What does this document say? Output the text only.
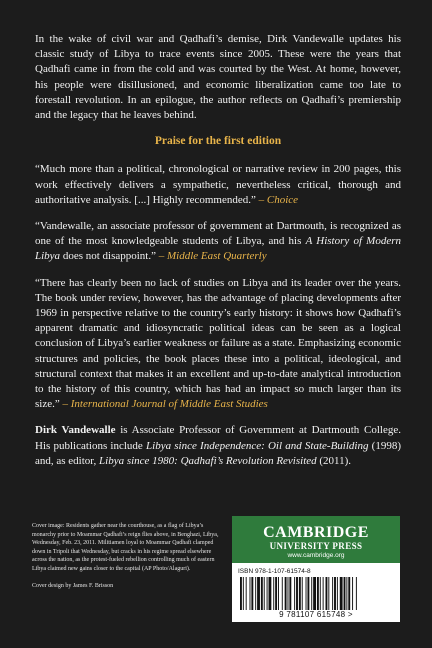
In the wake of civil war and Qadhafi’s demise, Dirk Vandewalle updates his classic study of Libya to trace events since 2005. These were the years that Qadhafi came in from the cold and was courted by the West. At home, however, his people were disillusioned, and economic liberalization came too late to forestall revolution. In an epilogue, the author reflects on Qadhafi’s premiership and the legacy that he leaves behind.

Praise for the first edition

“Much more than a political, chronological or narrative review in 200 pages, this work effectively delivers a sympathetic, nevertheless critical, thorough and authoritative analysis. [...] Highly recommended.” – Choice

“Vandewalle, an associate professor of government at Dartmouth, is recognized as one of the most knowledgeable students of Libya, and his A History of Modern Libya does not disappoint.” – Middle East Quarterly

“There has clearly been no lack of studies on Libya and its leader over the years. The book under review, however, has the advantage of placing developments after 1969 in perspective relative to the country’s early history: it shows how Qadhafi’s apparent dramatic and idiosyncratic political ideas can be seen as a logical conclusion of Libya’s earlier weakness or failure as a state. Emphasizing economic structures and policies, the book places these into a political, ideological, and structural context that makes it an excellent and up-to-date analytical introduction to the history of this country, which has had an impact so much larger than its size.” – International Journal of Middle East Studies

Dirk Vandewalle is Associate Professor of Government at Dartmouth College. His publications include Libya since Independence: Oil and State-Building (1998) and, as editor, Libya since 1980: Qadhafi’s Revolution Revisited (2011).

Cover image: Residents gather near the courthouse, as a flag of Libya’s monarchy prior to Moammar Qadhafi’s reign flies above, in Benghazi, Libya, Wednesday, Feb. 23, 2011. Militiamen loyal to Moammar Qadhafi clamped down in Tripoli that Wednesday, but cracks in his regime spread elsewhere across the nation, as the protest-fueled rebellion controlling much of eastern Libya claimed new gains closer to the capital (AP Photo/Alaguri).

Cover design by James F. Brisson

CAMBRIDGE
UNIVERSITY PRESS
www.cambridge.org
ISBN 978-1-107-61574-8
9 781107 615748 >
